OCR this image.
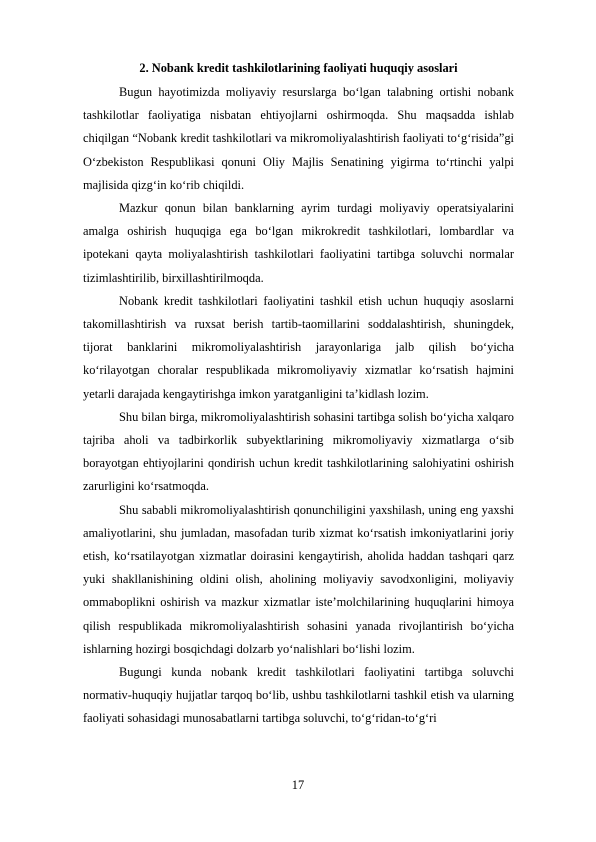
2. Nobank kredit tashkilotlarining faoliyati huquqiy asoslari

Bugun hayotimizda moliyaviy resurslarga bo‘lgan talabning ortishi nobank tashkilotlar faoliyatiga nisbatan ehtiyojlarni oshirmoqda. Shu maqsadda ishlab chiqilgan “Nobank kredit tashkilotlari va mikromoliyalashtirish faoliyati to‘g‘risida”gi O‘zbekiston Respublikasi qonuni Oliy Majlis Senatining yigirma to‘rtinchi yalpi majlisida qizg‘in ko‘rib chiqildi.

Mazkur qonun bilan banklarning ayrim turdagi moliyaviy operatsiyalarini amalga oshirish huquqiga ega bo‘lgan mikrokredit tashkilotlari, lombardlar va ipotekani qayta moliyalashtirish tashkilotlari faoliyatini tartibga soluvchi normalar tizimlashtirilib, birxillashtirilmoqda.

Nobank kredit tashkilotlari faoliyatini tashkil etish uchun huquqiy asoslarni takomillashtirish va ruxsat berish tartib-taomillarini soddalashtirish, shuningdek, tijorat banklarini mikromoliyalashtirish jarayonlariga jalb qilish bo‘yicha ko‘rilayotgan choralar respublikada mikromoliyaviy xizmatlar ko‘rsatish hajmini yetarli darajada kengaytirishga imkon yaratganligini ta’kidlash lozim.

Shu bilan birga, mikromoliyalashtirish sohasini tartibga solish bo‘yicha xalqaro tajriba aholi va tadbirkorlik subyektlarining mikromoliyaviy xizmatlarga o‘sib borayotgan ehtiyojlarini qondirish uchun kredit tashkilotlarining salohiyatini oshirish zarurligini ko‘rsatmoqda.

Shu sababli mikromoliyalashtirish qonunchiligini yaxshilash, uning eng yaxshi amaliyotlarini, shu jumladan, masofadan turib xizmat ko‘rsatish imkoniyatlarini joriy etish, ko‘rsatilayotgan xizmatlar doirasini kengaytirish, aholida haddan tashqari qarz yuki shakllanishining oldini olish, aholining moliyaviy savodxonligini, moliyaviy ommaboplikni oshirish va mazkur xizmatlar iste’molchilarining huquqlarini himoya qilish respublikada mikromoliyalashtirish sohasini yanada rivojlantirish bo‘yicha ishlarning hozirgi bosqichdagi dolzarb yo‘nalishlari bo‘lishi lozim.

Bugungi kunda nobank kredit tashkilotlari faoliyatini tartibga soluvchi normativ-huquqiy hujjatlar tarqoq bo‘lib, ushbu tashkilotlarni tashkil etish va ularning faoliyati sohasidagi munosabatlarni tartibga soluvchi, to‘g‘ridan-to‘g‘ri

17
